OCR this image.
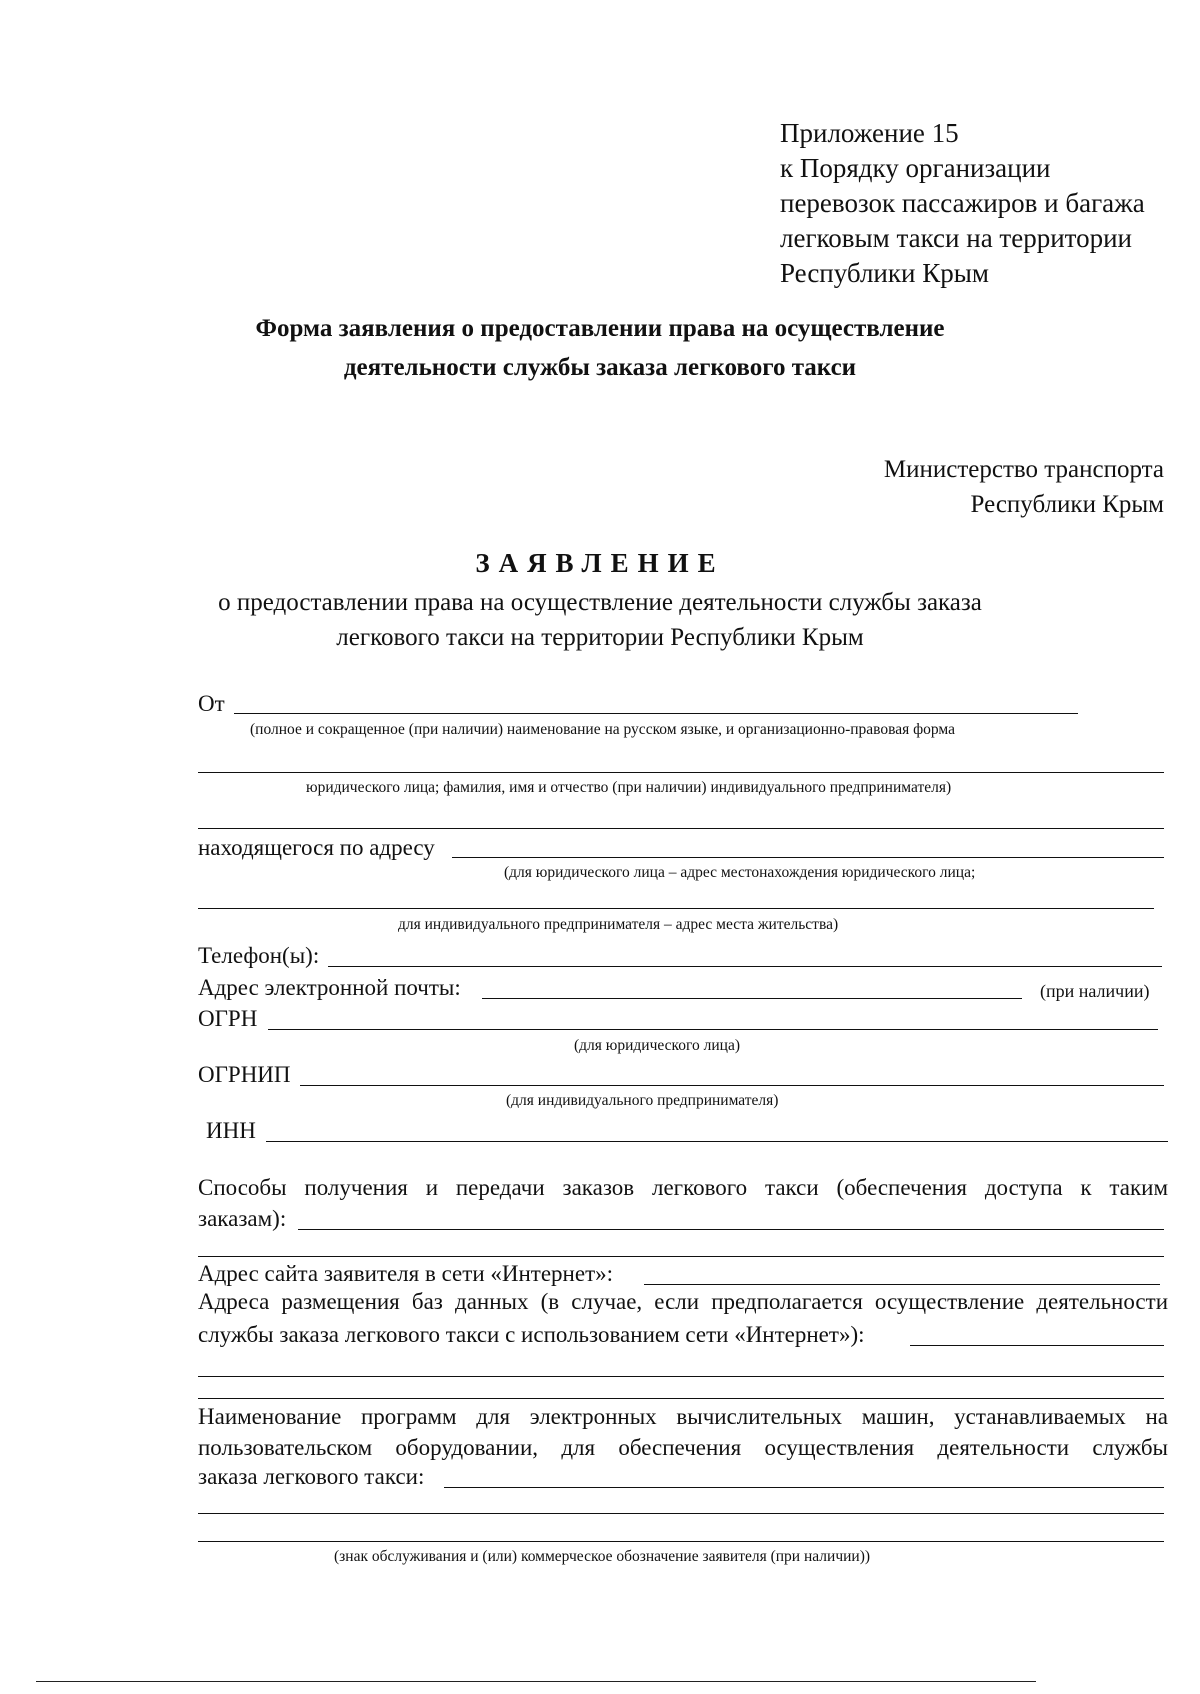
Приложение 15
к Порядку организации
перевозок пассажиров и багажа
легковым такси на территории
Республики Крым
Форма заявления о предоставлении права на осуществление
деятельности службы заказа легкового такси
Министерство транспорта
Республики Крым
ЗАЯВЛЕНИЕ
о предоставлении права на осуществление деятельности службы заказа
легкового такси на территории Республики Крым
От
(полное и сокращенное (при наличии) наименование на русском языке, и организационно-правовая форма
юридического лица; фамилия, имя и отчество (при наличии) индивидуального предпринимателя)
находящегося по адресу
(для юридического лица – адрес местонахождения юридического лица;
для индивидуального предпринимателя – адрес места жительства)
Телефон(ы):
Адрес электронной почты:	(при наличии)
ОГРН
(для юридического лица)
ОГРНИП
(для индивидуального предпринимателя)
ИНН
Способы получения и передачи заказов легкового такси (обеспечения доступа к таким
заказам):
Адрес сайта заявителя в сети «Интернет»:
Адреса размещения баз данных (в случае, если предполагается осуществление деятельности
службы заказа легкового такси с использованием сети «Интернет»):
Наименование программ для электронных вычислительных машин, устанавливаемых на
пользовательском оборудовании, для обеспечения осуществления деятельности службы
заказа легкового такси:
(знак обслуживания и (или) коммерческое обозначение заявителя (при наличии))
